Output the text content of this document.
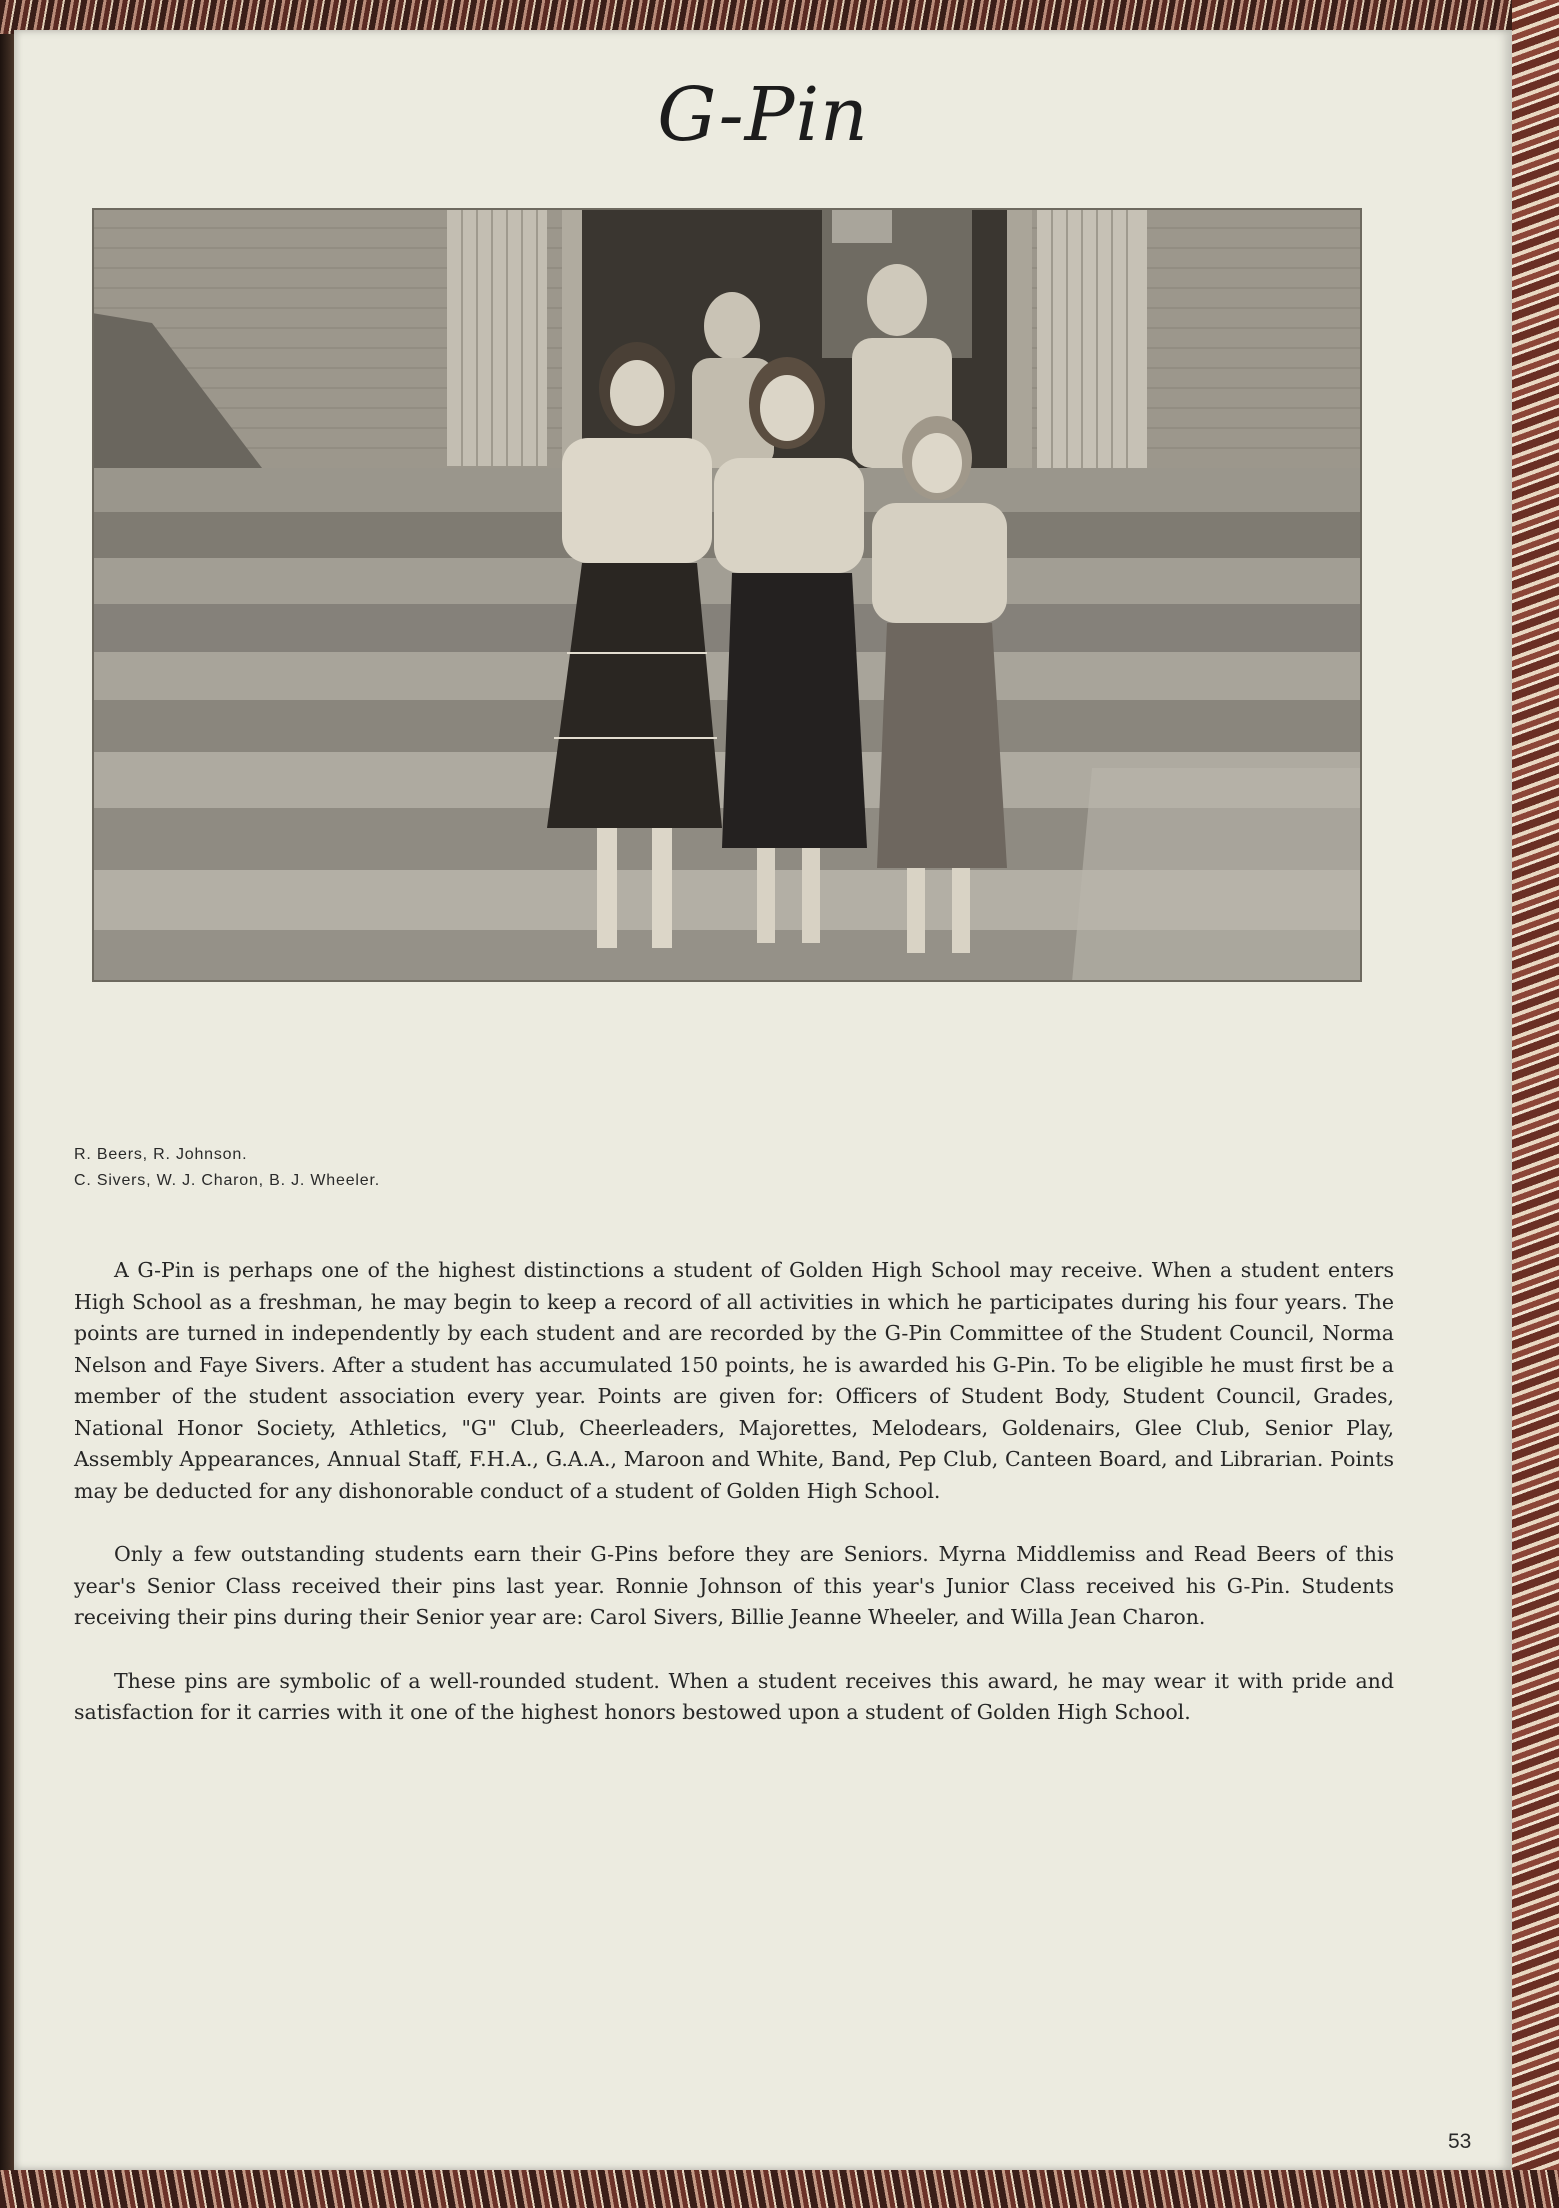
G-Pin
R. Beers, R. Johnson.
C. Sivers, W. J. Charon, B. J. Wheeler.

A G-Pin is perhaps one of the highest distinctions a student of Golden High School may receive. When a student enters High School as a freshman, he may begin to keep a record of all activities in which he participates during his four years. The points are turned in independently by each student and are recorded by the G-Pin Committee of the Student Council, Norma Nelson and Faye Sivers. After a student has accumulated 150 points, he is awarded his G-Pin. To be eligible he must first be a member of the student association every year. Points are given for: Officers of Student Body, Student Council, Grades, National Honor Society, Athletics, "G" Club, Cheerleaders, Majorettes, Melodears, Goldenairs, Glee Club, Senior Play, Assembly Appearances, Annual Staff, F.H.A., G.A.A., Maroon and White, Band, Pep Club, Canteen Board, and Librarian. Points may be deducted for any dishonorable conduct of a student of Golden High School.

Only a few outstanding students earn their G-Pins before they are Seniors. Myrna Middlemiss and Read Beers of this year's Senior Class received their pins last year. Ronnie Johnson of this year's Junior Class received his G-Pin. Students receiving their pins during their Senior year are: Carol Sivers, Billie Jeanne Wheeler, and Willa Jean Charon.

These pins are symbolic of a well-rounded student. When a student receives this award, he may wear it with pride and satisfaction for it carries with it one of the highest honors bestowed upon a student of Golden High School.

53
